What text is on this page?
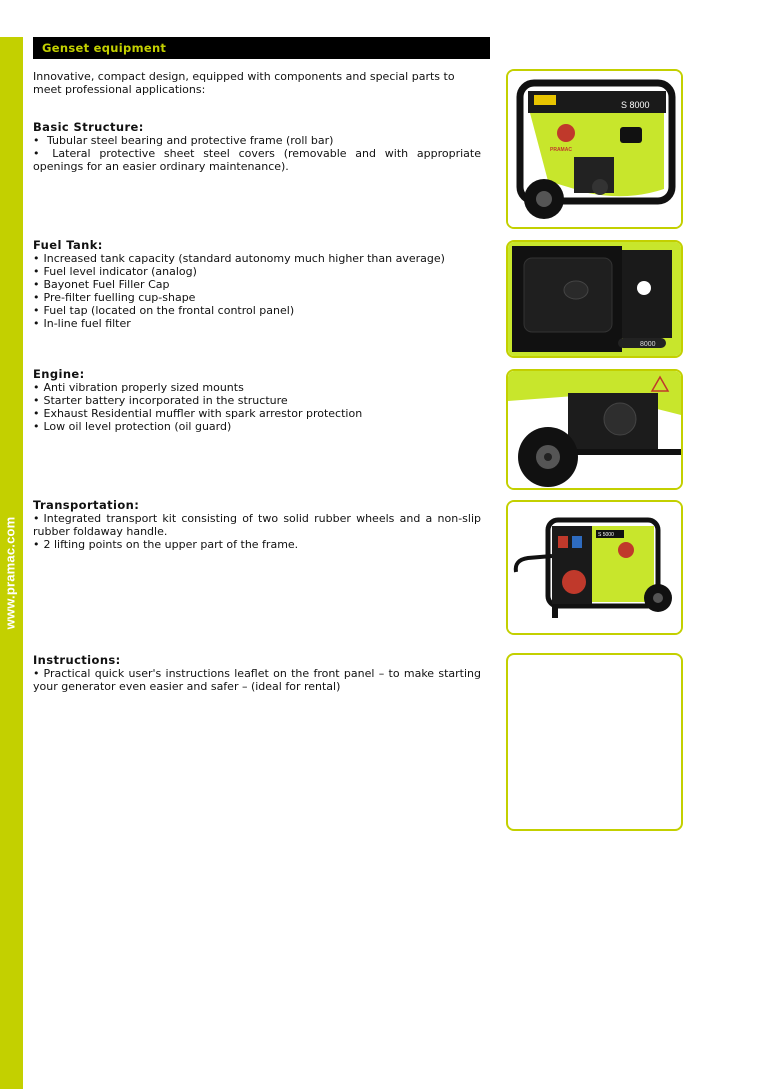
www.pramac.com
Genset equipment
Innovative, compact design, equipped with components and special parts to meet professional applications:

Basic Structure:

• Tubular steel bearing and protective frame (roll bar)
• Lateral protective sheet steel covers (removable and with appropriate openings for an easier ordinary maintenance).

Fuel Tank:

• Increased tank capacity (standard autonomy much higher than average)
• Fuel level indicator (analog)
• Bayonet Fuel Filler Cap
• Pre-filter fuelling cup-shape
• Fuel tap (located on the frontal control panel)
• In-line fuel filter

Engine:

• Anti vibration properly sized mounts
• Starter battery incorporated in the structure
• Exhaust Residential muffler with spark arrestor protection
• Low oil level protection (oil guard)

Transportation:

• Integrated transport kit consisting of two solid rubber wheels and a non-slip rubber foldaway handle.
• 2 lifting points on the upper part of the frame.

Instructions:

• Practical quick user's instructions leaflet on the front panel – to make starting your generator even easier and safer – (ideal for rental)
S 8000
PRAMAC
8000
S 5000
